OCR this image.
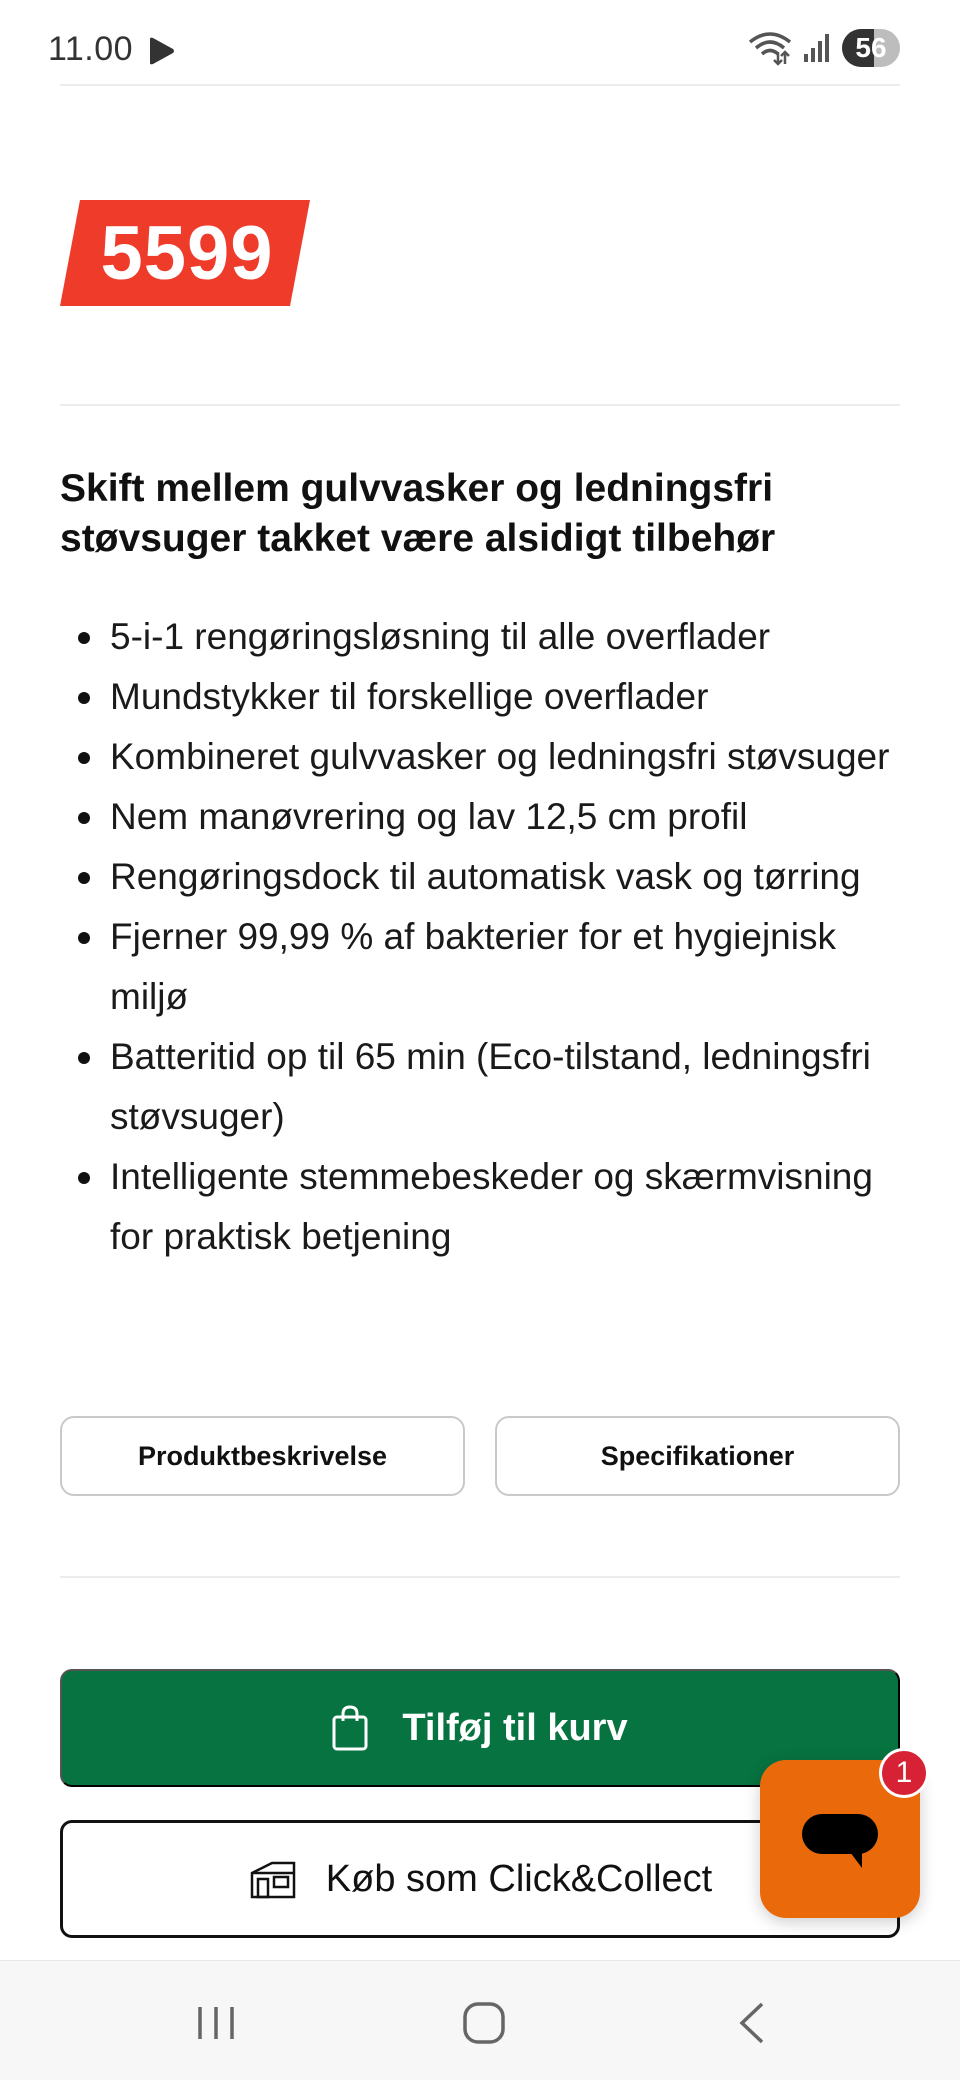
11.00	56
5599
Skift mellem gulvvasker og ledningsfri støvsuger takket være alsidigt tilbehør
5-i-1 rengøringsløsning til alle overflader
Mundstykker til forskellige overflader
Kombineret gulvvasker og ledningsfri støvsuger
Nem manøvrering og lav 12,5 cm profil
Rengøringsdock til automatisk vask og tørring
Fjerner 99,99 % af bakterier for et hygiejnisk miljø
Batteritid op til 65 min (Eco-tilstand, ledningsfri støvsuger)
Intelligente stemmebeskeder og skærmvisning for praktisk betjening
Produktbeskrivelse	Specifikationer
Tilføj til kurv
Køb som Click&Collect
1
